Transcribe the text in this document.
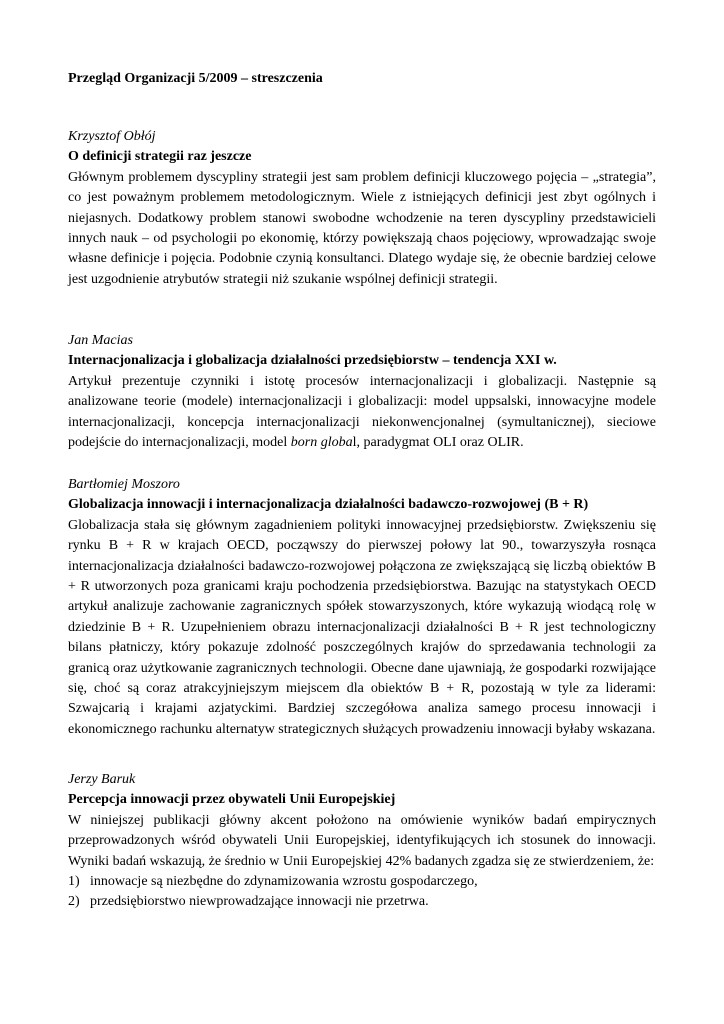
Przegląd Organizacji 5/2009 – streszczenia

Krzysztof Obłój

O definicji strategii raz jeszcze

Głównym problemem dyscypliny strategii jest sam problem definicji kluczowego pojęcia – „strategia”, co jest poważnym problemem metodologicznym. Wiele z istniejących definicji jest zbyt ogólnych i niejasnych. Dodatkowy problem stanowi swobodne wchodzenie na teren dyscypliny przedstawicieli innych nauk – od psychologii po ekonomię, którzy powiększają chaos pojęciowy, wprowadzając swoje własne definicje i pojęcia. Podobnie czynią konsultanci. Dlatego wydaje się, że obecnie bardziej celowe jest uzgodnienie atrybutów strategii niż szukanie wspólnej definicji strategii.

Jan Macias

Internacjonalizacja i globalizacja działalności przedsiębiorstw – tendencja XXI w.

Artykuł prezentuje czynniki i istotę procesów internacjonalizacji i globalizacji. Następnie są analizowane teorie (modele) internacjonalizacji i globalizacji: model uppsalski, innowacyjne modele internacjonalizacji, koncepcja internacjonalizacji niekonwencjonalnej (symultanicznej), sieciowe podejście do internacjonalizacji, model born global, paradygmat OLI oraz OLIR.

Bartłomiej Moszoro

Globalizacja innowacji i internacjonalizacja działalności badawczo-rozwojowej (B + R)

Globalizacja stała się głównym zagadnieniem polityki innowacyjnej przedsiębiorstw. Zwiększeniu się rynku B + R w krajach OECD, począwszy do pierwszej połowy lat 90., towarzyszyła rosnąca internacjonalizacja działalności badawczo-rozwojowej połączona ze zwiększającą się liczbą obiektów B + R utworzonych poza granicami kraju pochodzenia przedsiębiorstwa. Bazując na statystykach OECD artykuł analizuje zachowanie zagranicznych spółek stowarzyszonych, które wykazują wiodącą rolę w dziedzinie B + R. Uzupełnieniem obrazu internacjonalizacji działalności B + R jest technologiczny bilans płatniczy, który pokazuje zdolność poszczególnych krajów do sprzedawania technologii za granicą oraz użytkowanie zagranicznych technologii. Obecne dane ujawniają, że gospodarki rozwijające się, choć są coraz atrakcyjniejszym miejscem dla obiektów B + R, pozostają w tyle za liderami: Szwajcarią i krajami azjatyckimi. Bardziej szczegółowa analiza samego procesu innowacji i ekonomicznego rachunku alternatyw strategicznych służących prowadzeniu innowacji byłaby wskazana.

Jerzy Baruk

Percepcja innowacji przez obywateli Unii Europejskiej

W niniejszej publikacji główny akcent położono na omówienie wyników badań empirycznych przeprowadzonych wśród obywateli Unii Europejskiej, identyfikujących ich stosunek do innowacji. Wyniki badań wskazują, że średnio w Unii Europejskiej 42% badanych zgadza się ze stwierdzeniem, że:

1) innowacje są niezbędne do zdynamizowania wzrostu gospodarczego,
2) przedsiębiorstwo niewprowadzające innowacji nie przetrwa.
